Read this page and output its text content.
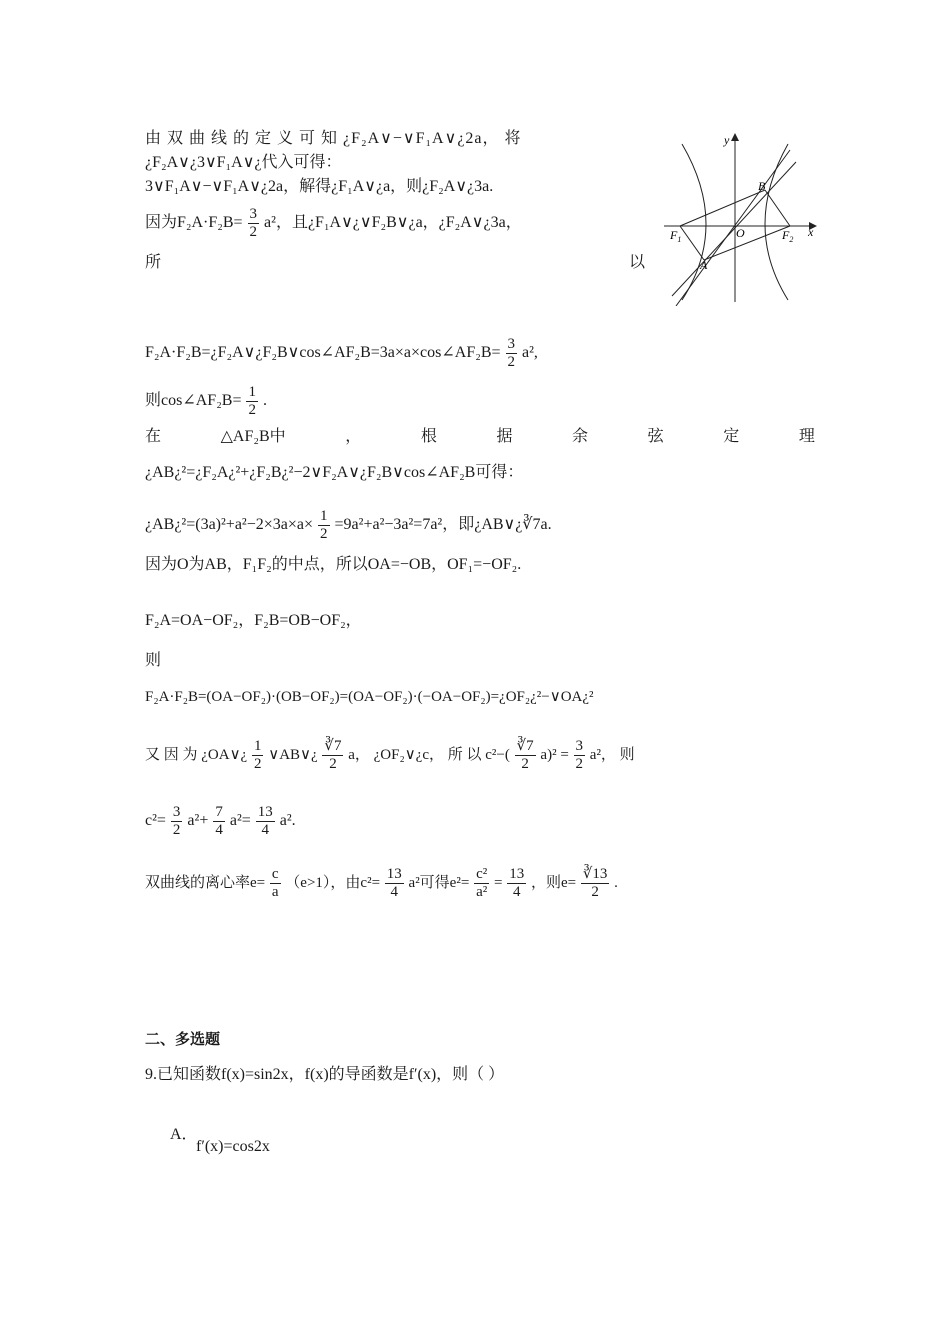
由 双 曲 线 的 定 义 可 知 ¿F₂A∨−∨F₁A∨¿2a， 将
¿F₂A∨¿3∨F₁A∨¿代入可得：
3∨F₁A∨−∨F₁A∨¿2a，解得¿F₁A∨¿a，则¿F₂A∨¿3a.
因为$F_2A\cdot F_2B= \frac{3}{2} a^2$，且¿F₁A∨¿∨F₂B∨¿a，¿F₂A∨¿3a，
所	以
y
x
O
$F_1$	$F_2$
A
B
F₂A·F₂B=¿F₂A∨¿F₂B∨cos∠AF₂B=3a×a×cos∠AF₂B= $\frac{3}{2} a^2$,
则cos∠AF₂B= $\frac{1}{2}$ .
在	△AF₂B中	，	根	据	余	弦	定	理
¿AB¿²=¿F₂A¿²+¿F₂B¿²−2∨F₂A∨¿F₂B∨cos∠AF₂B可得：
¿AB¿²=(3a)²+a²−2×3a×a× $\frac{1}{2} =9a^2+a^2-3a^2=7a^2$，即¿AB∨¿∛7a.
因为O为AB，F₁F₂的中点，所以OA=−OB，OF₁=−OF₂.
F₂A=OA−OF₂，F₂B=OB−OF₂，
则
F₂A·F₂B=(OA−OF₂)·(OB−OF₂)=(OA−OF₂)·(−OA−OF₂)=¿OF₂¿²−∨OA¿²
又 因 为 ¿OA∨¿ $\frac{1}{2}$ ∨AB∨¿ $\frac{∛7}{2}$ a， ¿OF₂∨¿c， 所 以 $c^2-( \frac{∛7}{2} a)^2 = \frac{3}{2} a^2$， 则
$c^2= \frac{3}{2} a^2+ \frac{7}{4} a^2= \frac{13}{4} a^2$.
双曲线的离心率$e= \frac{c}{a} (e>1)$，由$c^2= \frac{13}{4} a^2$可得$e^2= \frac{\text{c²}}{\text{a²}} = \frac{13}{4}$ ，则$e= \frac{∛13}{2}$ .
二、多选题
9.已知函数f(x)=sin2x，f(x)的导函数是f′(x)，则（ ）
A．
f′(x)=cos2x
